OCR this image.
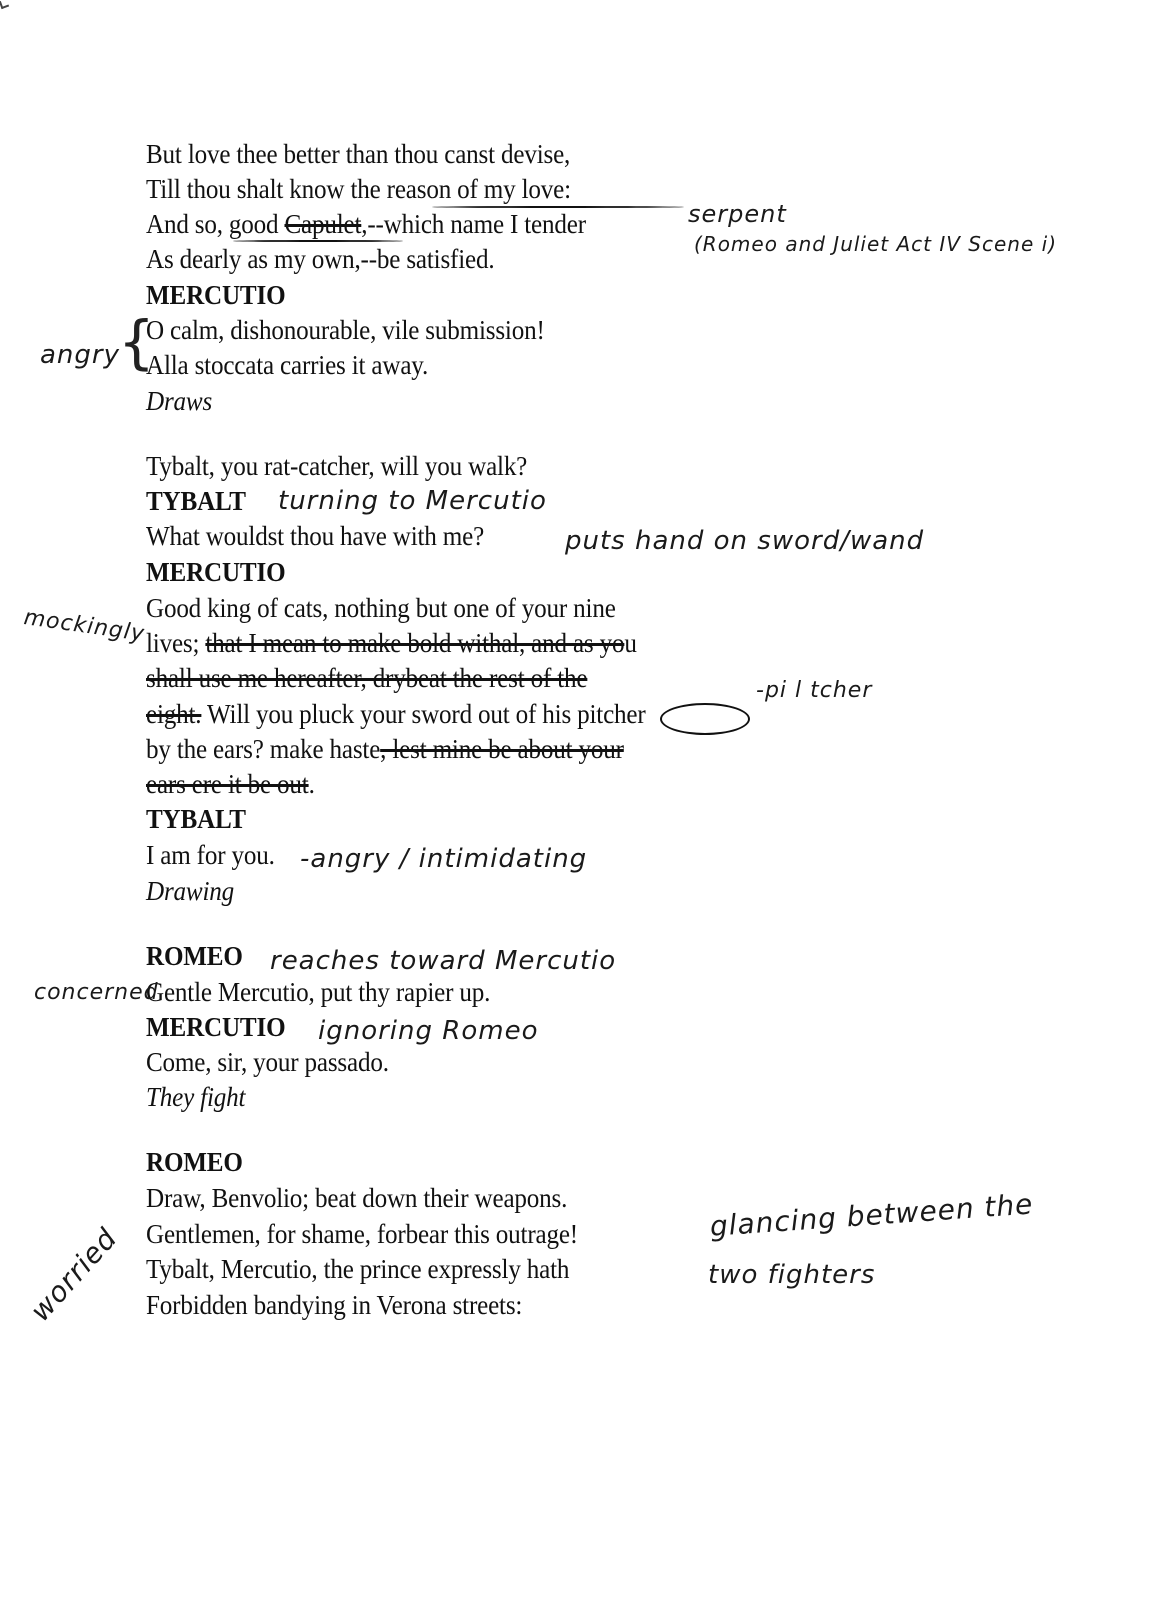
But love thee better than thou canst devise,
Till thou shalt know the reason of my love:
And so, good Capulet,--which name I tender
As dearly as my own,--be satisfied.
MERCUTIO
O calm, dishonourable, vile submission!
Alla stoccata carries it away.
Draws
Tybalt, you rat-catcher, will you walk?
TYBALT
What wouldst thou have with me?
MERCUTIO
Good king of cats, nothing but one of your nine
lives; that I mean to make bold withal, and as you
shall use me hereafter, drybeat the rest of the
eight. Will you pluck your sword out of his pitcher
by the ears? make haste, lest mine be about your
ears ere it be out.
TYBALT
I am for you.
Drawing
ROMEO
Gentle Mercutio, put thy rapier up.
MERCUTIO
Come, sir, your passado.
They fight
ROMEO
Draw, Benvolio; beat down their weapons.
Gentlemen, for shame, forbear this outrage!
Tybalt, Mercutio, the prince expressly hath
Forbidden bandying in Verona streets:
{
serpent
(Romeo and Juliet Act IV Scene i)
angry
turning to Mercutio
puts hand on sword/wand
mockingly
-pi l tcher
-angry / intimidating
reaches toward Mercutio
concerned
ignoring Romeo
worried
glancing between the
two fighters
